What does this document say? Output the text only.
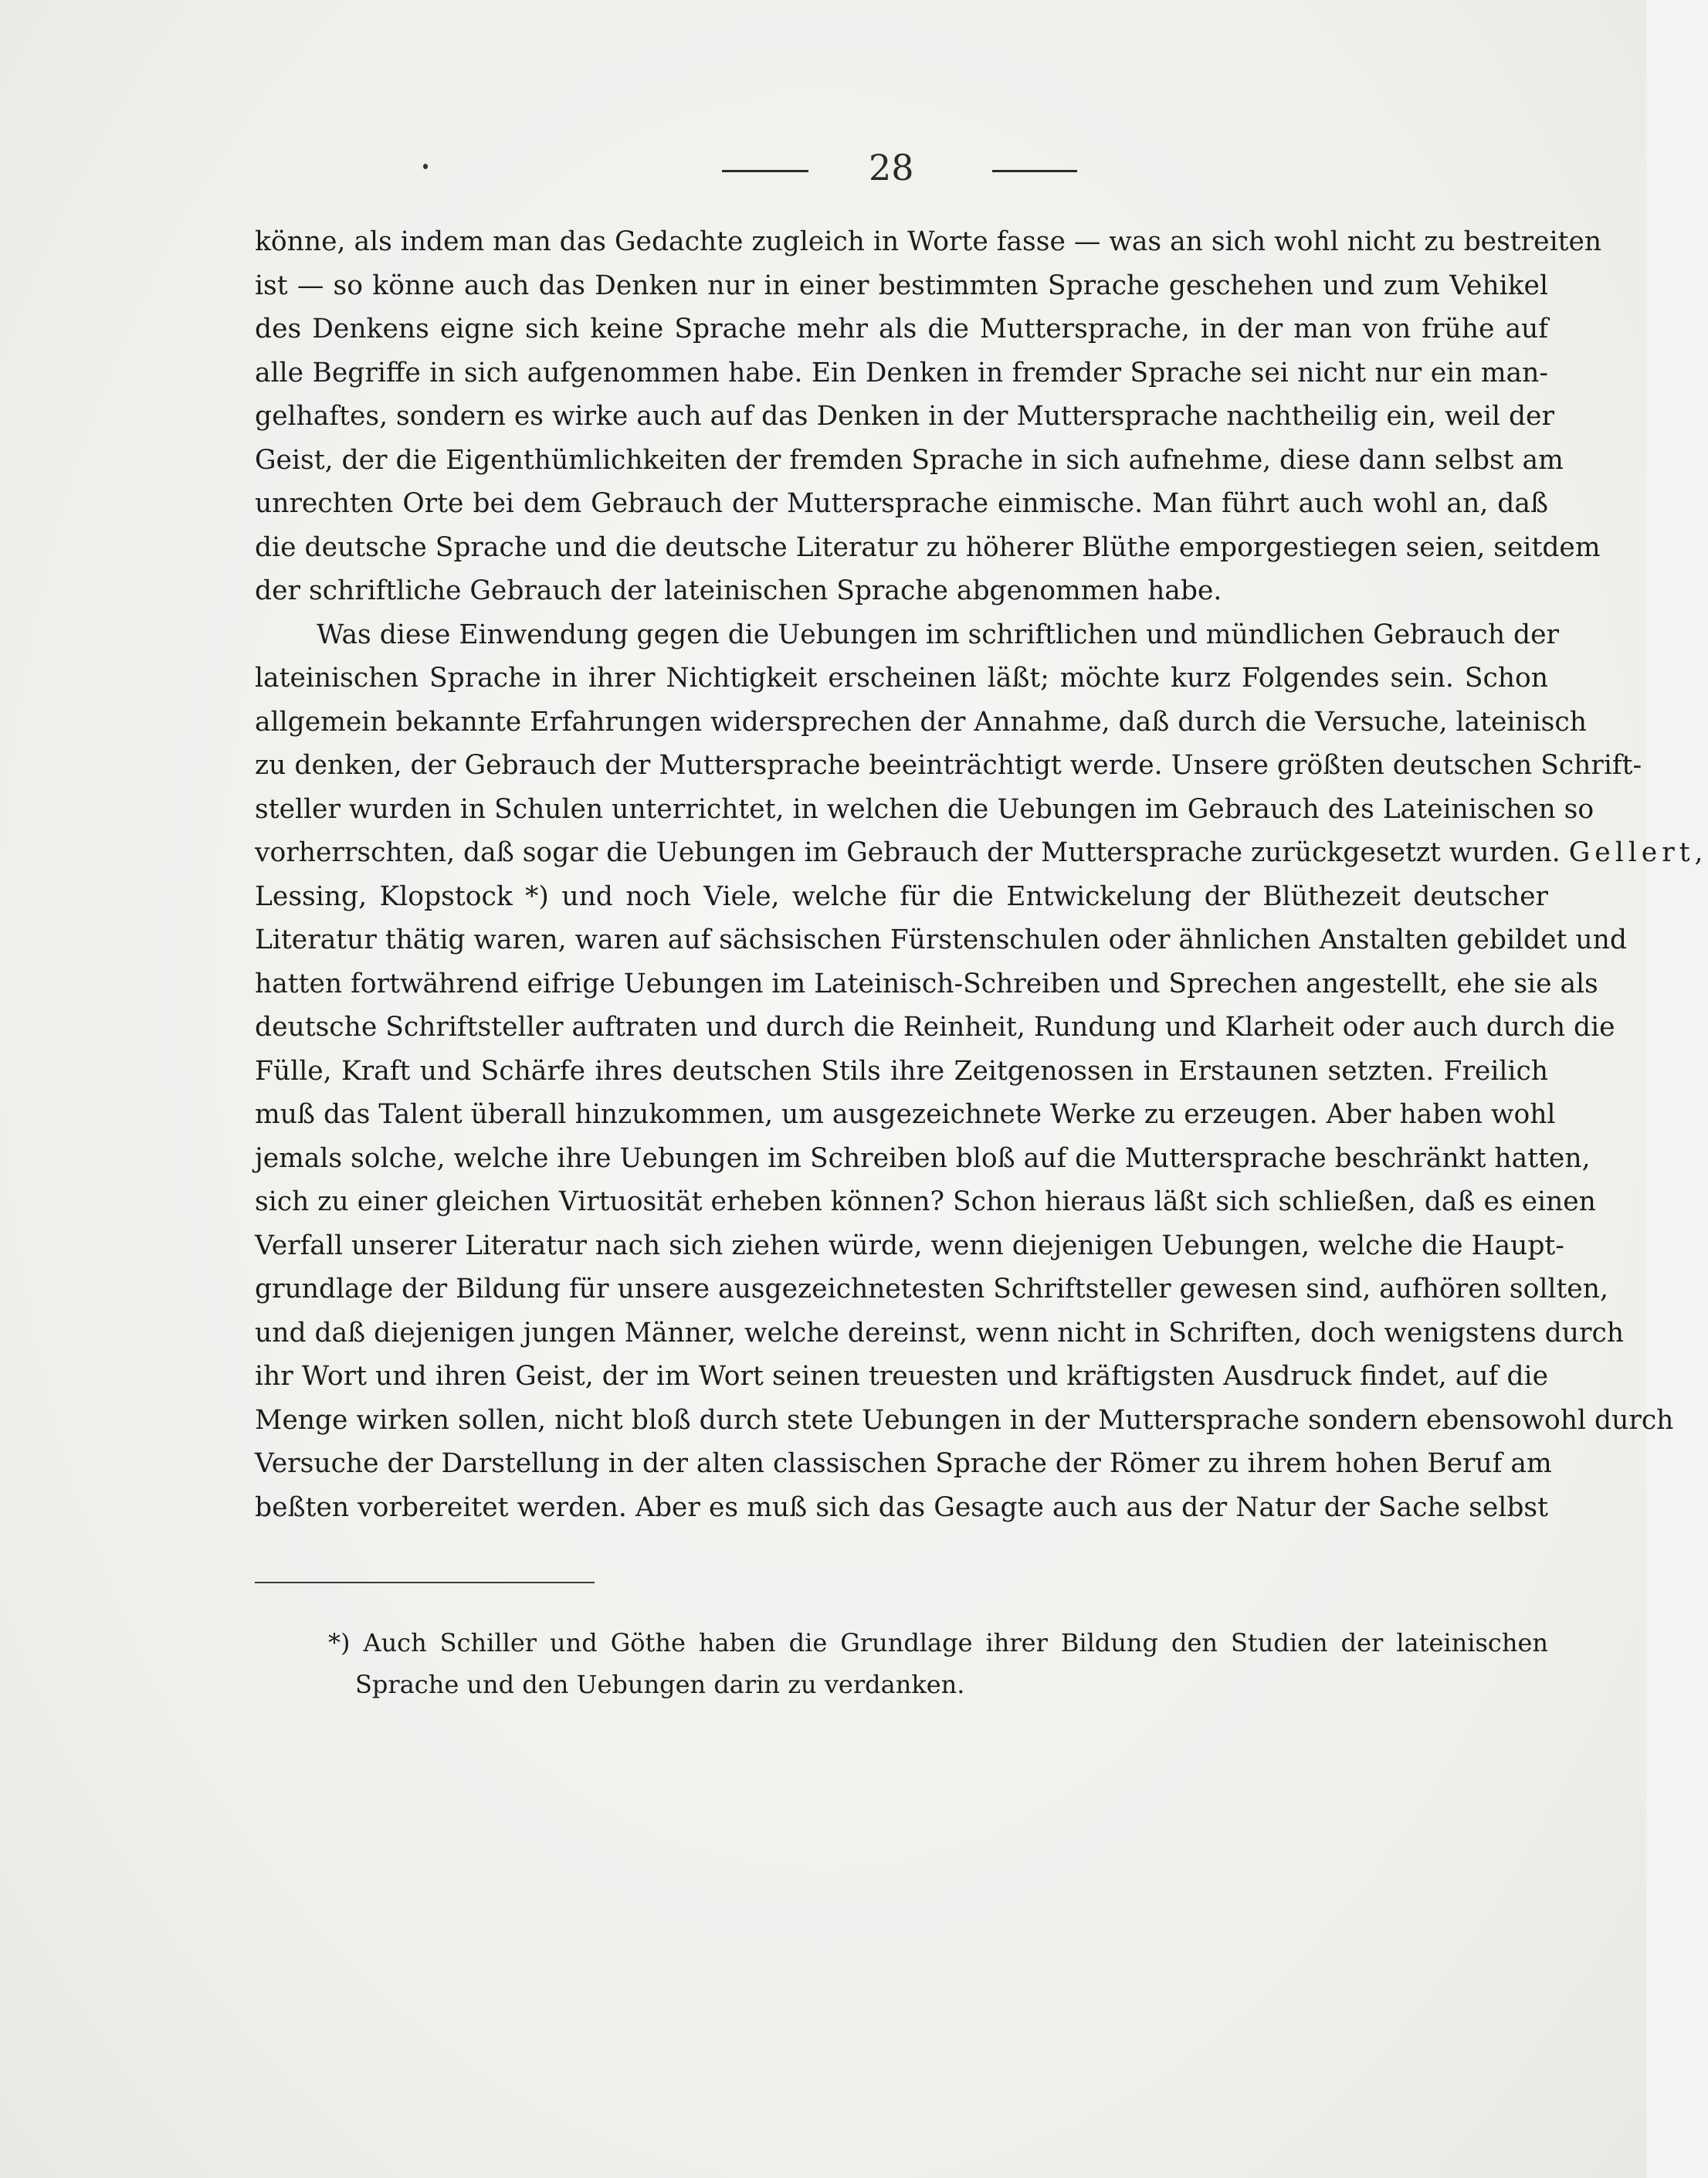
28
könne, als indem man das Gedachte zugleich in Worte fasse — was an sich wohl nicht zu bestreiten
ist — so könne auch das Denken nur in einer bestimmten Sprache geschehen und zum Vehikel
des Denkens eigne sich keine Sprache mehr als die Muttersprache, in der man von frühe auf
alle Begriffe in sich aufgenommen habe. Ein Denken in fremder Sprache sei nicht nur ein man-
gelhaftes, sondern es wirke auch auf das Denken in der Muttersprache nachtheilig ein, weil der
Geist, der die Eigenthümlichkeiten der fremden Sprache in sich aufnehme, diese dann selbst am
unrechten Orte bei dem Gebrauch der Muttersprache einmische. Man führt auch wohl an, daß
die deutsche Sprache und die deutsche Literatur zu höherer Blüthe emporgestiegen seien, seitdem
der schriftliche Gebrauch der lateinischen Sprache abgenommen habe.
Was diese Einwendung gegen die Uebungen im schriftlichen und mündlichen Gebrauch der
lateinischen Sprache in ihrer Nichtigkeit erscheinen läßt; möchte kurz Folgendes sein. Schon
allgemein bekannte Erfahrungen widersprechen der Annahme, daß durch die Versuche, lateinisch
zu denken, der Gebrauch der Muttersprache beeinträchtigt werde. Unsere größten deutschen Schrift-
steller wurden in Schulen unterrichtet, in welchen die Uebungen im Gebrauch des Lateinischen so
vorherrschten, daß sogar die Uebungen im Gebrauch der Muttersprache zurückgesetzt wurden. Gellert,
Lessing, Klopstock *) und noch Viele, welche für die Entwickelung der Blüthezeit deutscher
Literatur thätig waren, waren auf sächsischen Fürstenschulen oder ähnlichen Anstalten gebildet und
hatten fortwährend eifrige Uebungen im Lateinisch-Schreiben und Sprechen angestellt, ehe sie als
deutsche Schriftsteller auftraten und durch die Reinheit, Rundung und Klarheit oder auch durch die
Fülle, Kraft und Schärfe ihres deutschen Stils ihre Zeitgenossen in Erstaunen setzten. Freilich
muß das Talent überall hinzukommen, um ausgezeichnete Werke zu erzeugen. Aber haben wohl
jemals solche, welche ihre Uebungen im Schreiben bloß auf die Muttersprache beschränkt hatten,
sich zu einer gleichen Virtuosität erheben können? Schon hieraus läßt sich schließen, daß es einen
Verfall unserer Literatur nach sich ziehen würde, wenn diejenigen Uebungen, welche die Haupt-
grundlage der Bildung für unsere ausgezeichnetesten Schriftsteller gewesen sind, aufhören sollten,
und daß diejenigen jungen Männer, welche dereinst, wenn nicht in Schriften, doch wenigstens durch
ihr Wort und ihren Geist, der im Wort seinen treuesten und kräftigsten Ausdruck findet, auf die
Menge wirken sollen, nicht bloß durch stete Uebungen in der Muttersprache sondern ebensowohl durch
Versuche der Darstellung in der alten classischen Sprache der Römer zu ihrem hohen Beruf am
beßten vorbereitet werden. Aber es muß sich das Gesagte auch aus der Natur der Sache selbst
*) Auch Schiller und Göthe haben die Grundlage ihrer Bildung den Studien der lateinischen
Sprache und den Uebungen darin zu verdanken.
